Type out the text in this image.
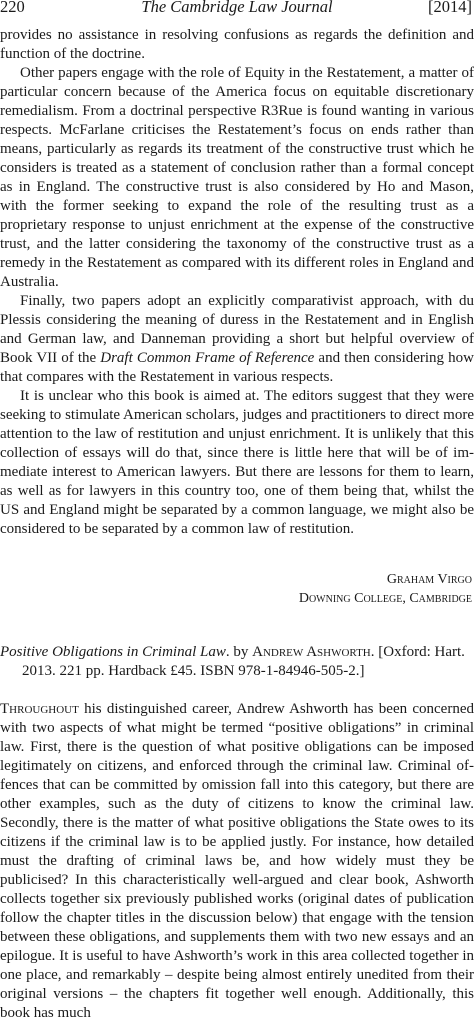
220	The Cambridge Law Journal	[2014]

provides no assistance in resolving confusions as regards the definition and function of the doctrine.

Other papers engage with the role of Equity in the Restatement, a matter of particular concern because of the America focus on equitable discretionary remedialism. From a doctrinal perspective R3Rue is found wanting in various respects. McFarlane criticises the Restatement’s focus on ends rather than means, particularly as regards its treatment of the constructive trust which he considers is treated as a statement of conclusion rather than a formal concept as in England. The constructive trust is also considered by Ho and Mason, with the former seeking to expand the role of the resulting trust as a proprietary response to unjust enrichment at the expense of the constructive trust, and the latter considering the taxonomy of the constructive trust as a remedy in the Restatement as compared with its different roles in England and Australia.

Finally, two papers adopt an explicitly comparativist approach, with du Plessis considering the meaning of duress in the Restatement and in English and German law, and Danneman providing a short but helpful overview of Book VII of the Draft Common Frame of Reference and then considering how that compares with the Restatement in various respects.

It is unclear who this book is aimed at. The editors suggest that they were seeking to stimulate American scholars, judges and practitioners to direct more attention to the law of restitution and unjust enrichment. It is unlikely that this collection of essays will do that, since there is little here that will be of immediate interest to American lawyers. But there are lessons for them to learn, as well as for lawyers in this country too, one of them being that, whilst the US and England might be separated by a common language, we might also be considered to be separated by a common law of restitution.

Graham Virgo
Downing College, Cambridge

Positive Obligations in Criminal Law. by Andrew Ashworth. [Oxford: Hart. 2013. 221 pp. Hardback £45. ISBN 978-1-84946-505-2.]

Throughout his distinguished career, Andrew Ashworth has been concerned with two aspects of what might be termed “positive obligations” in criminal law. First, there is the question of what positive obligations can be imposed legitimately on citizens, and enforced through the criminal law. Criminal offences that can be committed by omission fall into this category, but there are other examples, such as the duty of citizens to know the criminal law. Secondly, there is the matter of what positive obligations the State owes to its citizens if the criminal law is to be applied justly. For instance, how detailed must the drafting of criminal laws be, and how widely must they be publicised? In this characteristically well-argued and clear book, Ashworth collects together six previously published works (original dates of publication follow the chapter titles in the discussion below) that engage with the tension between these obligations, and supplements them with two new essays and an epilogue. It is useful to have Ashworth’s work in this area collected together in one place, and remarkably – despite being almost entirely unedited from their original versions – the chapters fit together well enough. Additionally, this book has much
